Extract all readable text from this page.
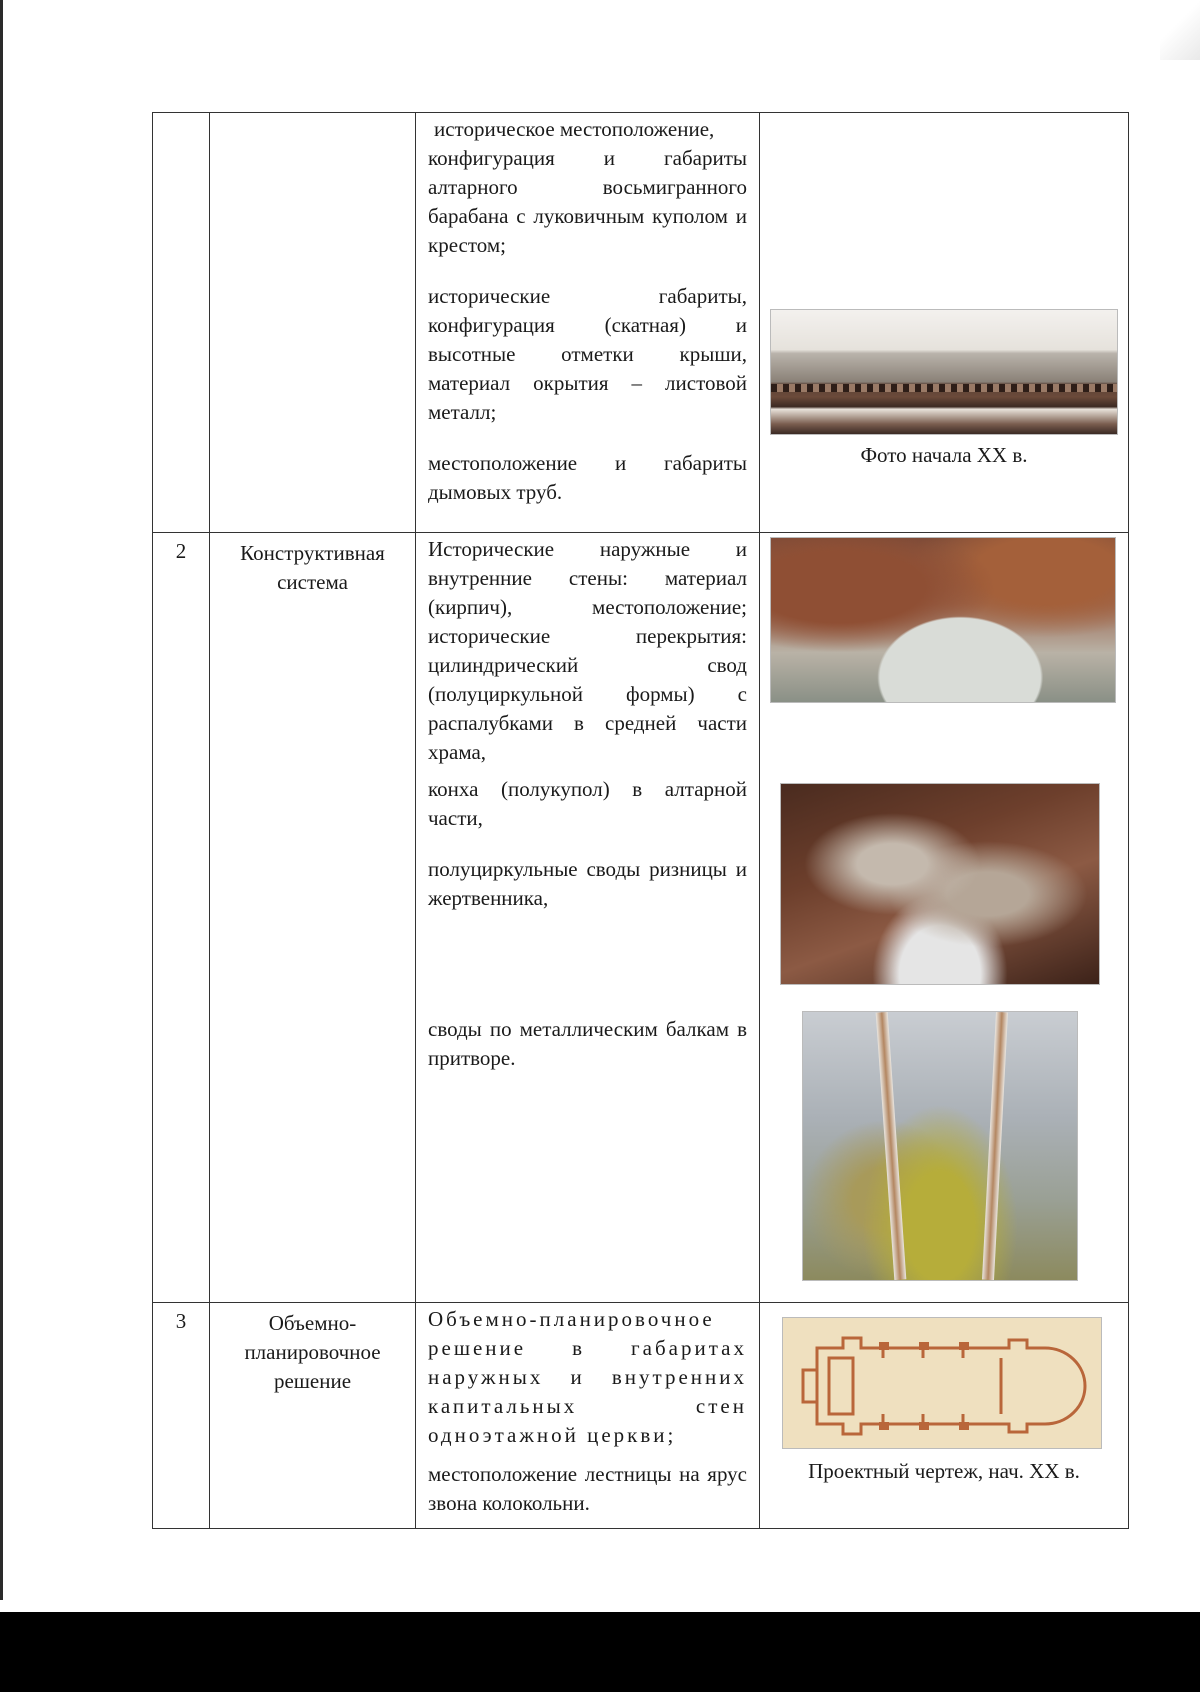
		историческое местоположение,

конфигурация и габариты алтарного восьмигранного барабана с луковичным куполом и крестом;

исторические габариты, конфигурация (скатная) и высотные отметки крыши, материал окрытия – листовой металл;

местоположение и габариты дымовых труб.	Фото начала XX в.

2	Конструктивная система	Исторические наружные и внутренние стены: материал (кирпич), местоположение; исторические перекрытия: цилиндрический свод (полуциркульной формы) с распалубками в средней части храма,

конха (полукупол) в алтарной части,

полуциркульные своды ризницы и жертвенника,

своды по металлическим балкам в притворе.	

3	Объемно-планировочное решение	Объемно-планировочное решение в габаритах наружных и внутренних капитальных стен одноэтажной церкви;

местоположение лестницы на ярус звона колокольни.	Проектный чертеж, нач. XX в.
